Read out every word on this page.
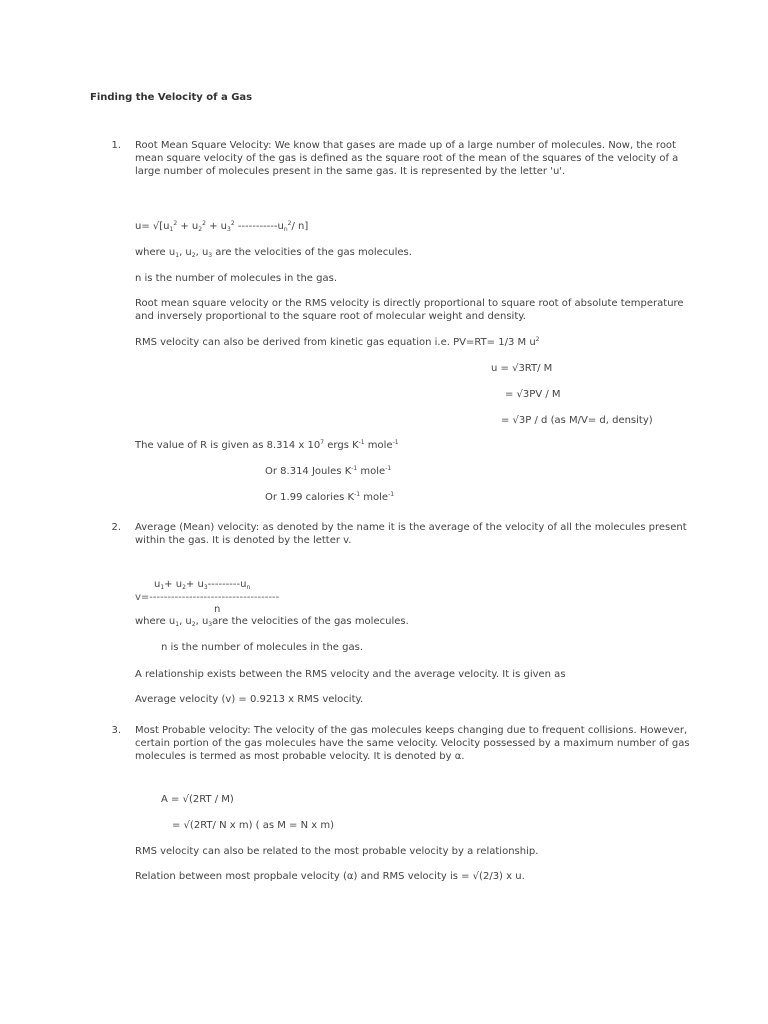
Finding the Velocity of a Gas
1. Root Mean Square Velocity: We know that gases are made up of a large number of molecules. Now, the root mean square velocity of the gas is defined as the square root of the mean of the squares of the velocity of a large number of molecules present in the same gas. It is represented by the letter 'u'.
$u= √[u_1^2 + u_2^2 + u_3^2$ $-----------u_n^2/$ n]
where $u_1$, $u_2$, $u_3$ are the velocities of the gas molecules.
n is the number of molecules in the gas.
Root mean square velocity or the RMS velocity is directly proportional to square root of absolute temperature and inversely proportional to the square root of molecular weight and density.
RMS velocity can also be derived from kinetic gas equation i.e. PV=RT= 1/3 M $u^2$
u = √3RT/ M
= √3PV / M
= √3P / d (as M/V= d, density)
The value of R is given as 8.314 x $10^7$ ergs $K^{-1}$ mole$^{-1}$
Or 8.314 Joules $K^{-1}$ mole$^{-1}$
Or 1.99 calories $K^{-1}$ mole$^{-1}$
2. Average (Mean) velocity: as denoted by the name it is the average of the velocity of all the molecules present within the gas. It is denoted by the letter v.
$u_1+ u_2+ u_3---------u_n$
v=------------------------------------
n
where $u_1$, $u_2$, $u_3are$ the velocities of the gas molecules.
n is the number of molecules in the gas.
A relationship exists between the RMS velocity and the average velocity. It is given as
Average velocity (v) = 0.9213 x RMS velocity.
3. Most Probable velocity: The velocity of the gas molecules keeps changing due to frequent collisions. However, certain portion of the gas molecules have the same velocity. Velocity possessed by a maximum number of gas molecules is termed as most probable velocity. It is denoted by α.
A = √(2RT / M)
= √(2RT/ N x m) ( as M = N x m)
RMS velocity can also be related to the most probable velocity by a relationship.
Relation between most propbale velocity (α) and RMS velocity is = √(2/3) x u.
